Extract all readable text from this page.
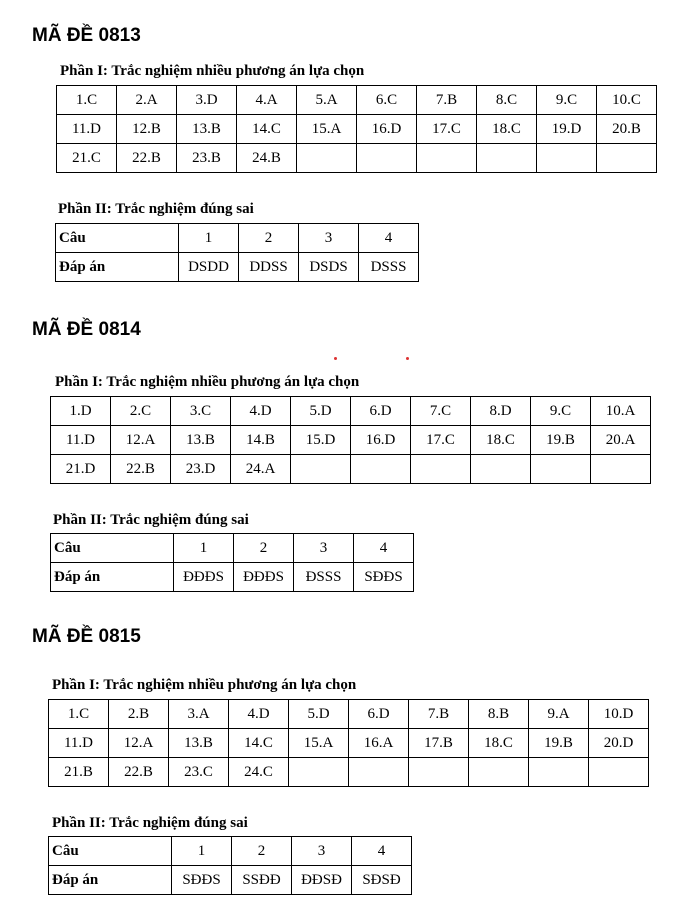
MÃ ĐỀ 0813
Phần I: Trắc nghiệm nhiều phương án lựa chọn
1.C	2.A	3.D	4.A	5.A	6.C	7.B	8.C	9.C	10.C
11.D	12.B	13.B	14.C	15.A	16.D	17.C	18.C	19.D	20.B
21.C	22.B	23.B	24.B						
Phần II: Trắc nghiệm đúng sai
Câu	1	2	3	4
Đáp án	DSDD	DDSS	DSDS	DSSS
MÃ ĐỀ 0814
Phần I: Trắc nghiệm nhiều phương án lựa chọn
1.D	2.C	3.C	4.D	5.D	6.D	7.C	8.D	9.C	10.A
11.D	12.A	13.B	14.B	15.D	16.D	17.C	18.C	19.B	20.A
21.D	22.B	23.D	24.A						
Phần II: Trắc nghiệm đúng sai
Câu	1	2	3	4
Đáp án	ĐĐĐS	ĐĐĐS	ĐSSS	SĐĐS
MÃ ĐỀ 0815
Phần I: Trắc nghiệm nhiều phương án lựa chọn
1.C	2.B	3.A	4.D	5.D	6.D	7.B	8.B	9.A	10.D
11.D	12.A	13.B	14.C	15.A	16.A	17.B	18.C	19.B	20.D
21.B	22.B	23.C	24.C						
Phần II: Trắc nghiệm đúng sai
Câu	1	2	3	4
Đáp án	SĐĐS	SSĐĐ	ĐĐSĐ	SĐSĐ
